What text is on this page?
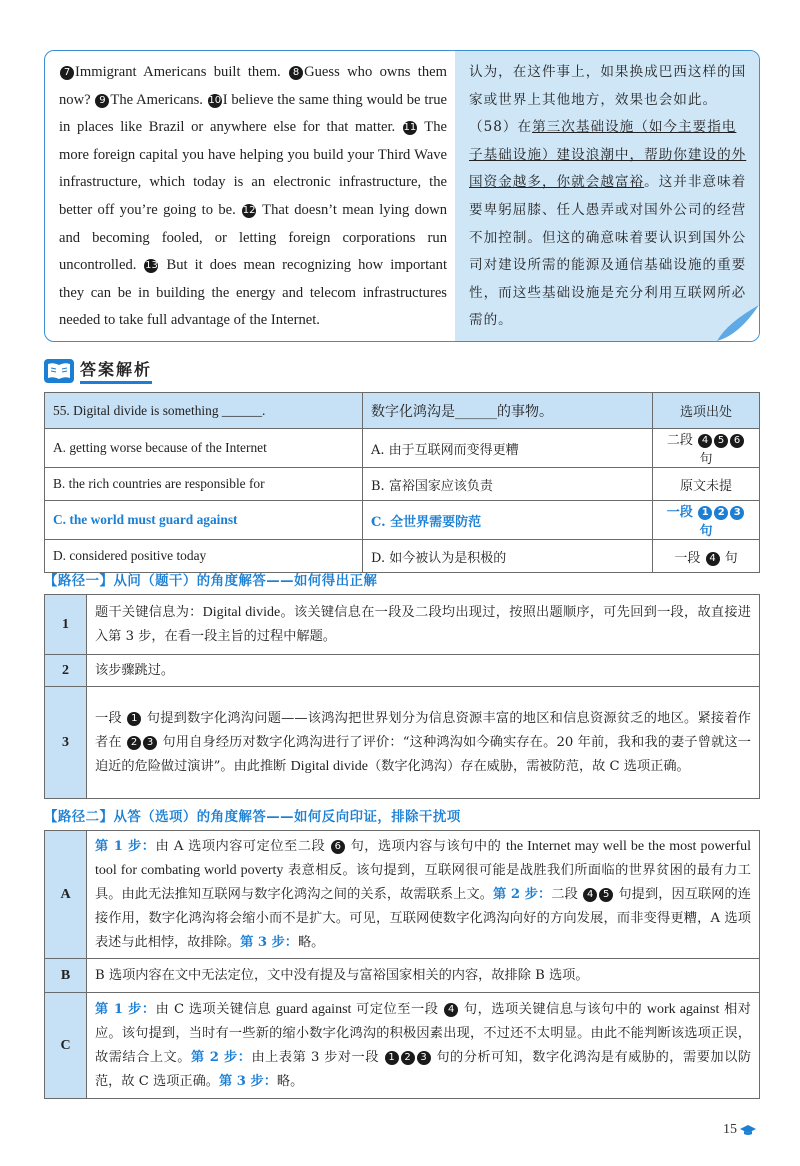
7 Immigrant Americans built them. 8 Guess who owns them now? 9 The Americans. 10 I believe the same thing would be true in places like Brazil or anywhere else for that matter. 11 The more foreign capital you have helping you build your Third Wave infrastructure, which today is an electronic infrastructure, the better off you’re going to be. 12 That doesn’t mean lying down and becoming fooled, or letting foreign corporations run uncontrolled. 13 But it does mean recognizing how important they can be in building the energy and telecom infrastructures needed to take full advantage of the Internet.
认为，在这件事上，如果换成巴西这样的国家或世界上其他地方，效果也会如此。（58）在第三次基础设施（如今主要指电子基础设施）建设浪潮中，帮助你建设的外国资金越多，你就会越富裕。这并非意味着要卑躬屈膝、任人愚弄或对国外公司的经营不加控制。但这的确意味着要认识到国外公司对建设所需的能源及通信基础设施的重要性，而这些基础设施是充分利用互联网所必需的。
答案解析
55. Digital divide is something ______.	数字化鸿沟是______的事物。	选项出处
A. getting worse because of the Internet	A. 由于互联网而变得更糟	二段 4 5 6 句
B. the rich countries are responsible for	B. 富裕国家应该负责	原文未提
C. the world must guard against	C. 全世界需要防范	一段 1 2 3 句
D. considered positive today	D. 如今被认为是积极的	一段 4 句
【路径一】从问（题干）的角度解答——如何得出正解
1	题干关键信息为：Digital divide。该关键信息在一段及二段均出现过，按照出题顺序，可先回到一段，故直接进入第 3 步，在看一段主旨的过程中解题。
2	该步骤跳过。
3	一段 1 句提到数字化鸿沟问题——该鸿沟把世界划分为信息资源丰富的地区和信息资源贫乏的地区。紧接着作者在 2 3 句用自身经历对数字化鸿沟进行了评价：“这种鸿沟如今确实存在。20 年前，我和我的妻子曾就这一迫近的危险做过演讲”。由此推断 Digital divide（数字化鸿沟）存在威胁，需被防范，故 C 选项正确。
【路径二】从答（选项）的角度解答——如何反向印证，排除干扰项
A	第 1 步：由 A 选项内容可定位至二段 6 句，选项内容与该句中的 the Internet may well be the most powerful tool for combating world poverty 表意相反。该句提到，互联网很可能是战胜我们所面临的世界贫困的最有力工具。由此无法推知互联网与数字化鸿沟之间的关系，故需联系上文。第 2 步：二段 4 5 句提到，因互联网的连接作用，数字化鸿沟将会缩小而不是扩大。可见，互联网使数字化鸿沟向好的方向发展，而非变得更糟，A 选项表述与此相悖，故排除。第 3 步：略。
B	B 选项内容在文中无法定位，文中没有提及与富裕国家相关的内容，故排除 B 选项。
C	第 1 步：由 C 选项关键信息 guard against 可定位至一段 4 句，选项关键信息与该句中的 work against 相对应。该句提到，当时有一些新的缩小数字化鸿沟的积极因素出现，不过还不太明显。由此不能判断该选项正误，故需结合上文。第 2 步：由上表第 3 步对一段 1 2 3 句的分析可知，数字化鸿沟是有威胁的，需要加以防范，故 C 选项正确。第 3 步：略。
15
